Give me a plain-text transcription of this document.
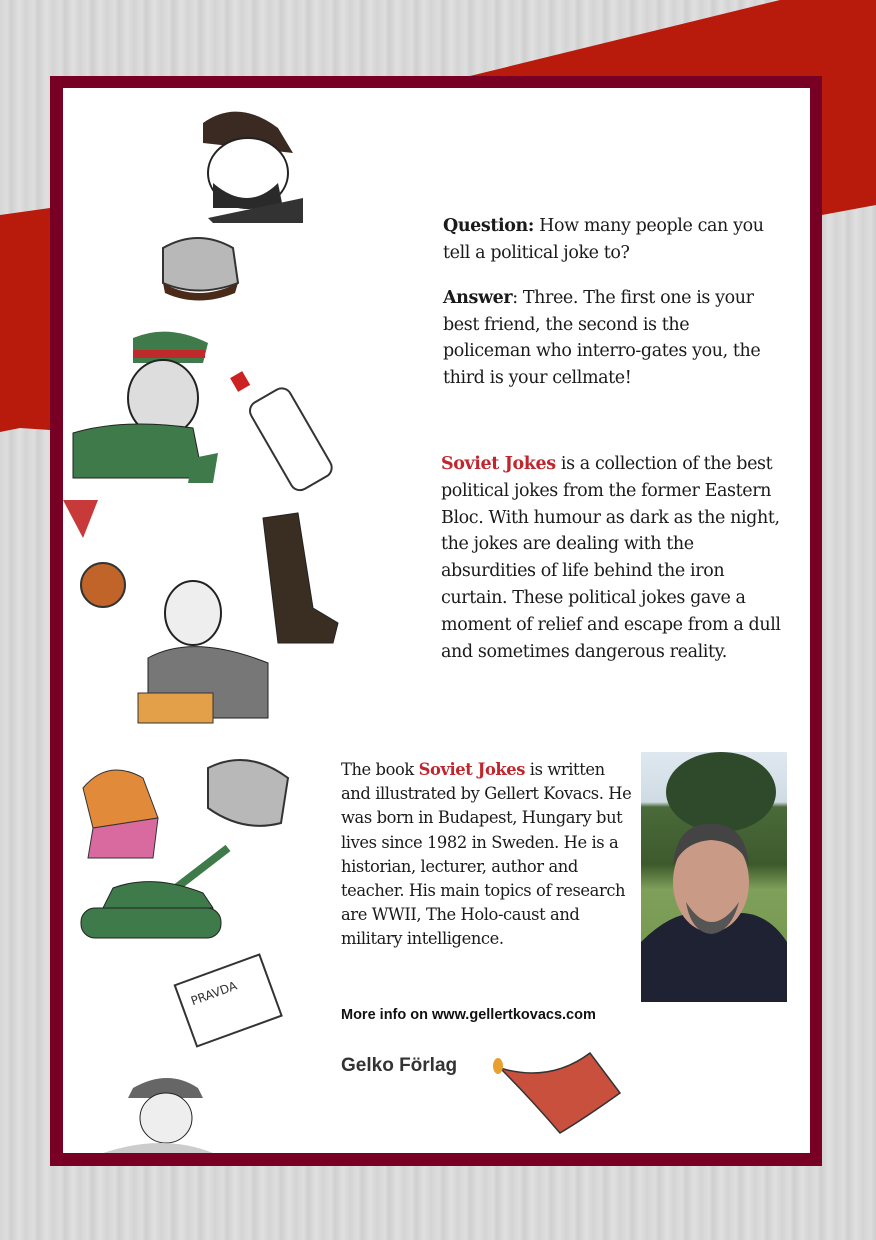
PRAVDA
Question: How many people can you tell a political joke to?
Answer: Three. The first one is your best friend, the second is the policeman who interro-gates you, the third is your cellmate!
Soviet Jokes is a collection of the best political jokes from the former Eastern Bloc. With humour as dark as the night, the jokes are dealing with the absurdities of life behind the iron curtain. These political jokes gave a moment of relief and escape from a dull and sometimes dangerous reality.
The book Soviet Jokes is written and illustrated by Gellert Kovacs. He was born in Budapest, Hungary but lives since 1982 in Sweden. He is a historian, lecturer, author and teacher. His main topics of research are WWII, The Holo-caust and military intelligence.
More info on www.gellertkovacs.com
Gelko Förlag
